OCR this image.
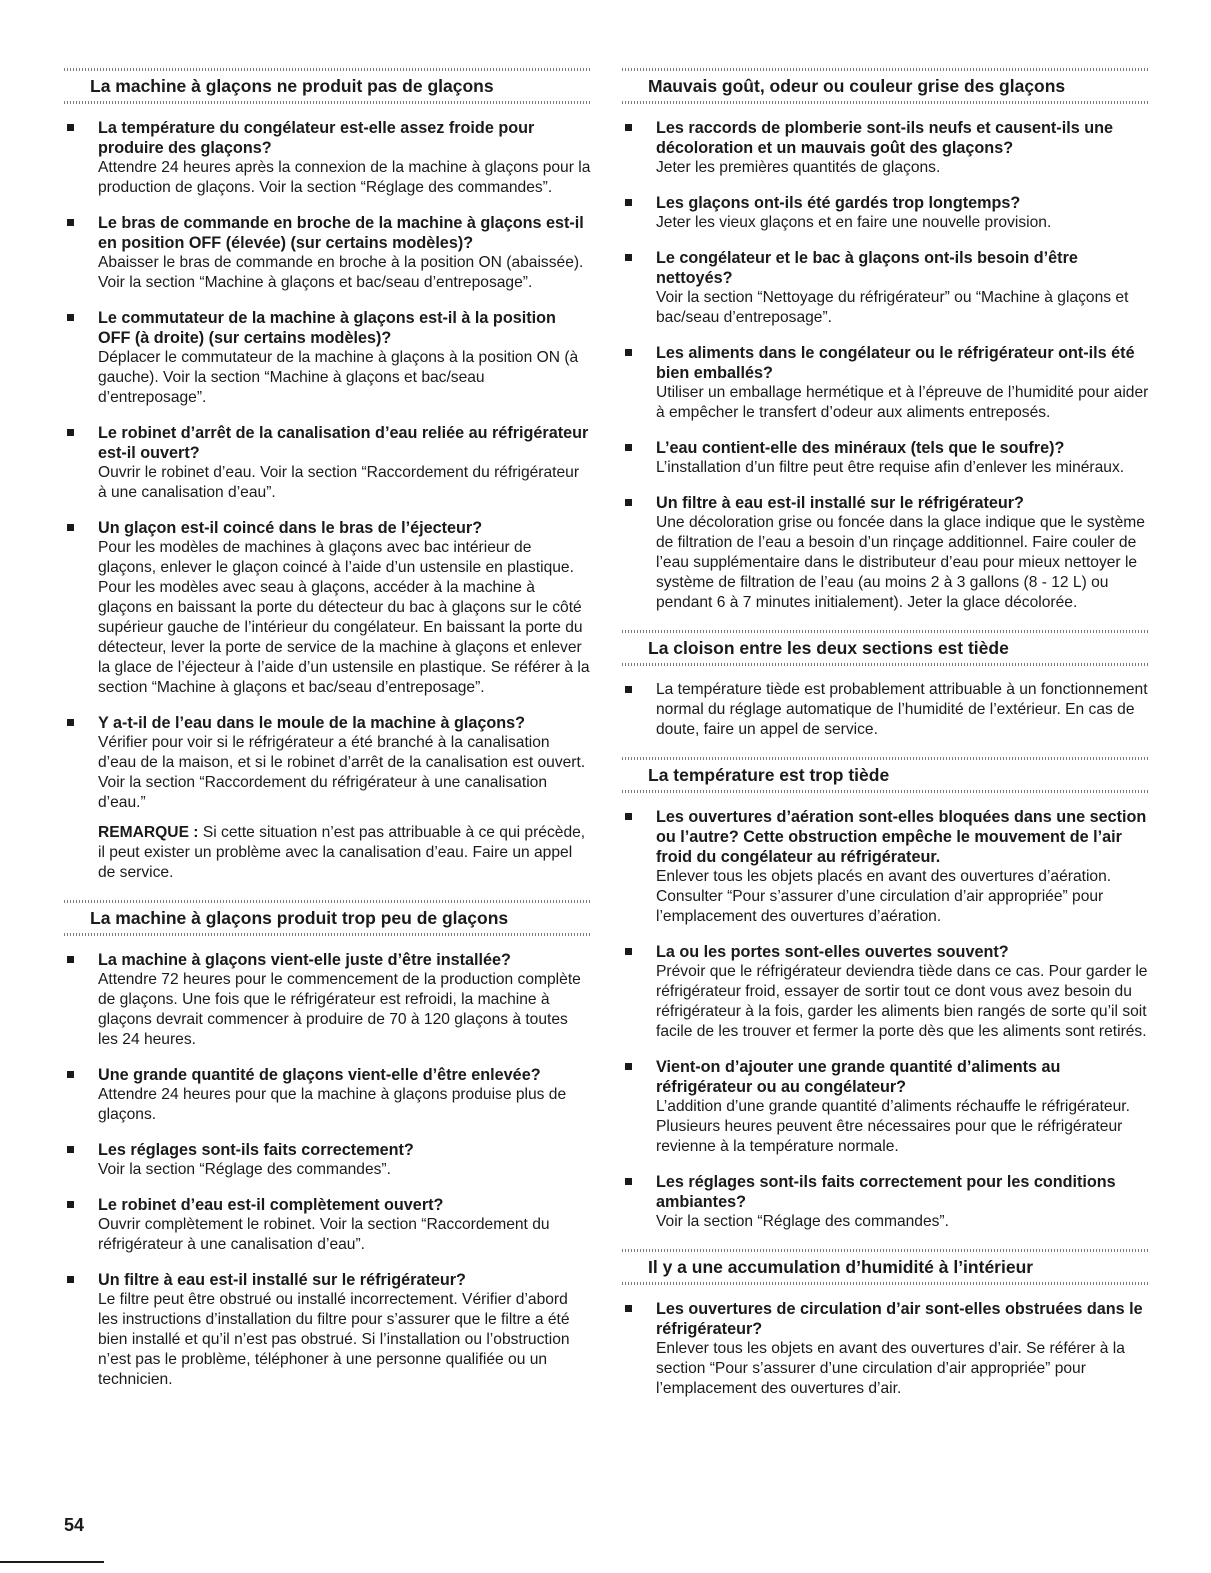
La machine à glaçons ne produit pas de glaçons
La température du congélateur est-elle assez froide pour produire des glaçons?
Attendre 24 heures après la connexion de la machine à glaçons pour la production de glaçons. Voir la section “Réglage des commandes”.
Le bras de commande en broche de la machine à glaçons est-il en position OFF (élevée) (sur certains modèles)?
Abaisser le bras de commande en broche à la position ON (abaissée). Voir la section “Machine à glaçons et bac/seau d’entreposage”.
Le commutateur de la machine à glaçons est-il à la position OFF (à droite) (sur certains modèles)?
Déplacer le commutateur de la machine à glaçons à la position ON (à gauche). Voir la section “Machine à glaçons et bac/seau d’entreposage”.
Le robinet d’arrêt de la canalisation d’eau reliée au réfrigérateur est-il ouvert?
Ouvrir le robinet d’eau. Voir la section “Raccordement du réfrigérateur à une canalisation d’eau”.
Un glaçon est-il coincé dans le bras de l’éjecteur?
Pour les modèles de machines à glaçons avec bac intérieur de glaçons, enlever le glaçon coincé à l’aide d’un ustensile en plastique. Pour les modèles avec seau à glaçons, accéder à la machine à glaçons en baissant la porte du détecteur du bac à glaçons sur le côté supérieur gauche de l’intérieur du congélateur. En baissant la porte du détecteur, lever la porte de service de la machine à glaçons et enlever la glace de l’éjecteur à l’aide d’un ustensile en plastique. Se référer à la section “Machine à glaçons et bac/seau d’entreposage”.
Y a-t-il de l’eau dans le moule de la machine à glaçons?
Vérifier pour voir si le réfrigérateur a été branché à la canalisation d’eau de la maison, et si le robinet d’arrêt de la canalisation est ouvert. Voir la section “Raccordement du réfrigérateur à une canalisation d’eau.”
REMARQUE : Si cette situation n’est pas attribuable à ce qui précède, il peut exister un problème avec la canalisation d’eau. Faire un appel de service.
La machine à glaçons produit trop peu de glaçons
La machine à glaçons vient-elle juste d’être installée?
Attendre 72 heures pour le commencement de la production complète de glaçons. Une fois que le réfrigérateur est refroidi, la machine à glaçons devrait commencer à produire de 70 à 120 glaçons à toutes les 24 heures.
Une grande quantité de glaçons vient-elle d’être enlevée?
Attendre 24 heures pour que la machine à glaçons produise plus de glaçons.
Les réglages sont-ils faits correctement?
Voir la section “Réglage des commandes”.
Le robinet d’eau est-il complètement ouvert?
Ouvrir complètement le robinet. Voir la section “Raccordement du réfrigérateur à une canalisation d’eau”.
Un filtre à eau est-il installé sur le réfrigérateur?
Le filtre peut être obstrué ou installé incorrectement. Vérifier d’abord les instructions d’installation du filtre pour s’assurer que le filtre a été bien installé et qu’il n’est pas obstrué. Si l’installation ou l’obstruction n’est pas le problème, téléphoner à une personne qualifiée ou un technicien.
Mauvais goût, odeur ou couleur grise des glaçons
Les raccords de plomberie sont-ils neufs et causent-ils une décoloration et un mauvais goût des glaçons?
Jeter les premières quantités de glaçons.
Les glaçons ont-ils été gardés trop longtemps?
Jeter les vieux glaçons et en faire une nouvelle provision.
Le congélateur et le bac à glaçons ont-ils besoin d’être nettoyés?
Voir la section “Nettoyage du réfrigérateur” ou “Machine à glaçons et bac/seau d’entreposage”.
Les aliments dans le congélateur ou le réfrigérateur ont-ils été bien emballés?
Utiliser un emballage hermétique et à l’épreuve de l’humidité pour aider à empêcher le transfert d’odeur aux aliments entreposés.
L’eau contient-elle des minéraux (tels que le soufre)?
L’installation d’un filtre peut être requise afin d’enlever les minéraux.
Un filtre à eau est-il installé sur le réfrigérateur?
Une décoloration grise ou foncée dans la glace indique que le système de filtration de l’eau a besoin d’un rinçage additionnel. Faire couler de l’eau supplémentaire dans le distributeur d’eau pour mieux nettoyer le système de filtration de l’eau (au moins 2 à 3 gallons (8 - 12 L) ou pendant 6 à 7 minutes initialement). Jeter la glace décolorée.
La cloison entre les deux sections est tiède
La température tiède est probablement attribuable à un fonctionnement normal du réglage automatique de l’humidité de l’extérieur. En cas de doute, faire un appel de service.
La température est trop tiède
Les ouvertures d’aération sont-elles bloquées dans une section ou l’autre? Cette obstruction empêche le mouvement de l’air froid du congélateur au réfrigérateur.
Enlever tous les objets placés en avant des ouvertures d’aération. Consulter “Pour s’assurer d’une circulation d’air appropriée” pour l’emplacement des ouvertures d’aération.
La ou les portes sont-elles ouvertes souvent?
Prévoir que le réfrigérateur deviendra tiède dans ce cas. Pour garder le réfrigérateur froid, essayer de sortir tout ce dont vous avez besoin du réfrigérateur à la fois, garder les aliments bien rangés de sorte qu’il soit facile de les trouver et fermer la porte dès que les aliments sont retirés.
Vient-on d’ajouter une grande quantité d’aliments au réfrigérateur ou au congélateur?
L’addition d’une grande quantité d’aliments réchauffe le réfrigérateur. Plusieurs heures peuvent être nécessaires pour que le réfrigérateur revienne à la température normale.
Les réglages sont-ils faits correctement pour les conditions ambiantes?
Voir la section “Réglage des commandes”.
Il y a une accumulation d’humidité à l’intérieur
Les ouvertures de circulation d’air sont-elles obstruées dans le réfrigérateur?
Enlever tous les objets en avant des ouvertures d’air. Se référer à la section “Pour s’assurer d’une circulation d’air appropriée” pour l’emplacement des ouvertures d’air.
54
